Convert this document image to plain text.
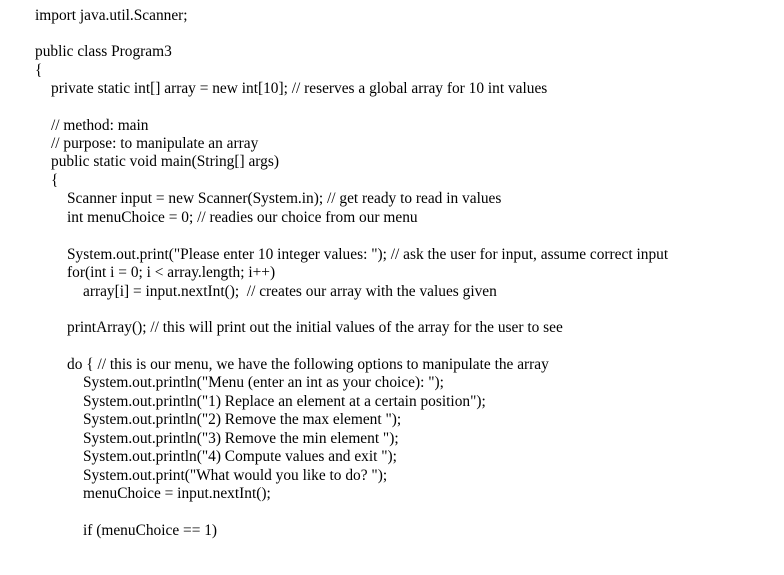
import java.util.Scanner;

public class Program3

{

private static int[] array = new int[10]; // reserves a global array for 10 int values

// method: main

// purpose: to manipulate an array

public static void main(String[] args)

{

Scanner input = new Scanner(System.in); // get ready to read in values

int menuChoice = 0; // readies our choice from our menu

System.out.print("Please enter 10 integer values: "); // ask the user for input, assume correct input

for(int i = 0; i < array.length; i++)

array[i] = input.nextInt();  // creates our array with the values given

printArray(); // this will print out the initial values of the array for the user to see

do { // this is our menu, we have the following options to manipulate the array

System.out.println("Menu (enter an int as your choice): ");

System.out.println("1) Replace an element at a certain position");

System.out.println("2) Remove the max element ");

System.out.println("3) Remove the min element ");

System.out.println("4) Compute values and exit ");

System.out.print("What would you like to do? ");

menuChoice = input.nextInt();

if (menuChoice == 1)
